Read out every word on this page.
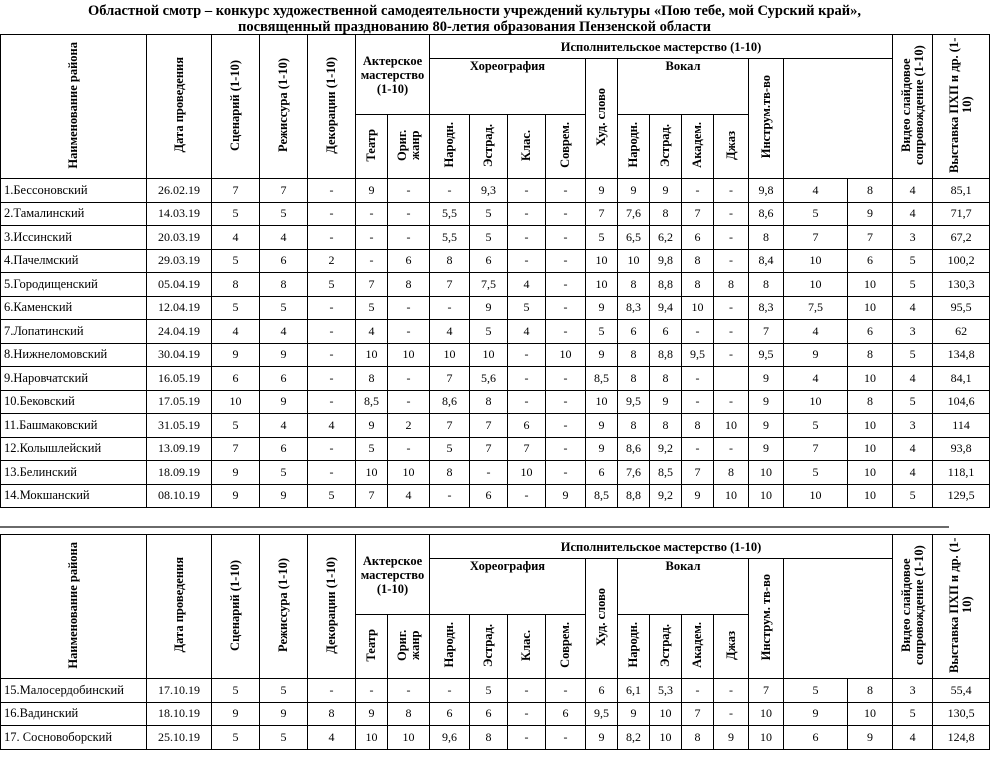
Областной смотр – конкурс художественной самодеятельности учреждений культуры «Пою тебе, мой Сурский край»,
посвященный празднованию 80-летия образования Пензенской области
Наименование района	Дата проведения	Сценарий (1-10)	Режиссура (1-10)	Декорации (1-10)	Актерское мастерство (1-10)		Исполнительское мастерство (1-10)												Видео слайдовое сопровождение (1-10)	Выставка ПХП и др. (1-10)		
							Хореография				Худ. слово	Вокал				Инструм.тв-во					
					Театр	Ориг. жанр	Народн.	Эстрад.	Клас.	Соврем.		Народн.	Эстрад.	Академ.	Джаз						
1.Бессоновский	26.02.19	7	7	-	9	-	-	9,3	-	-	9	9	9	-	-	9,8	4	8	4	85,1	
2.Тамалинский	14.03.19	5	5	-	-	-	5,5	5	-	-	7	7,6	8	7	-	8,6	5	9	4	71,7	
3.Иссинский	20.03.19	4	4	-	-	-	5,5	5	-	-	5	6,5	6,2	6	-	8	7	7	3	67,2	
4.Пачелмский	29.03.19	5	6	2	-	6	8	6	-	-	10	10	9,8	8	-	8,4	10	6	5	100,2	
5.Городищенский	05.04.19	8	8	5	7	8	7	7,5	4	-	10	8	8,8	8	8	8	10	10	5	130,3	
6.Каменский	12.04.19	5	5	-	5	-	-	9	5	-	9	8,3	9,4	10	-	8,3	7,5	10	4	95,5	
7.Лопатинский	24.04.19	4	4	-	4	-	4	5	4	-	5	6	6	-	-	7	4	6	3	62	
8.Нижнеломовский	30.04.19	9	9	-	10	10	10	10	-	10	9	8	8,8	9,5	-	9,5	9	8	5	134,8	
9.Наровчатский	16.05.19	6	6	-	8	-	7	5,6	-	-	8,5	8	8	-		9	4	10	4	84,1	
10.Бековский	17.05.19	10	9	-	8,5	-	8,6	8	-	-	10	9,5	9	-	-	9	10	8	5	104,6	
11.Башмаковский	31.05.19	5	4	4	9	2	7	7	6	-	9	8	8	8	10	9	5	10	3	114	
12.Колышлейский	13.09.19	7	6	-	5	-	5	7	7	-	9	8,6	9,2	-	-	9	7	10	4	93,8	
13.Белинский	18.09.19	9	5	-	10	10	8	-	10	-	6	7,6	8,5	7	8	10	5	10	4	118,1	
14.Мокшанский	08.10.19	9	9	5	7	4	-	6	-	9	8,5	8,8	9,2	9	10	10	10	10	5	129,5	
Наименование района	Дата проведения	Сценарий (1-10)	Режиссура (1-10)	Декорации (1-10)	Актерское мастерство (1-10)		Исполнительское мастерство (1-10)												Видео слайдовое сопровождение (1-10)	Выставка ПХП и др. (1-10)		
							Хореография				Худ. слово	Вокал				Инструм. тв-во					
					Театр	Ориг. жанр	Народн.	Эстрад.	Клас.	Соврем.		Народн.	Эстрад.	Академ.	Джаз						
15.Малосердобинский	17.10.19	5	5	-	-	-	-	5	-	-	6	6,1	5,3	-	-	7	5	8	3	55,4	
16.Вадинский	18.10.19	9	9	8	9	8	6	6	-	6	9,5	9	10	7	-	10	9	10	5	130,5	
17. Сосновоборский	25.10.19	5	5	4	10	10	9,6	8	-	-	9	8,2	10	8	9	10	6	9	4	124,8	
